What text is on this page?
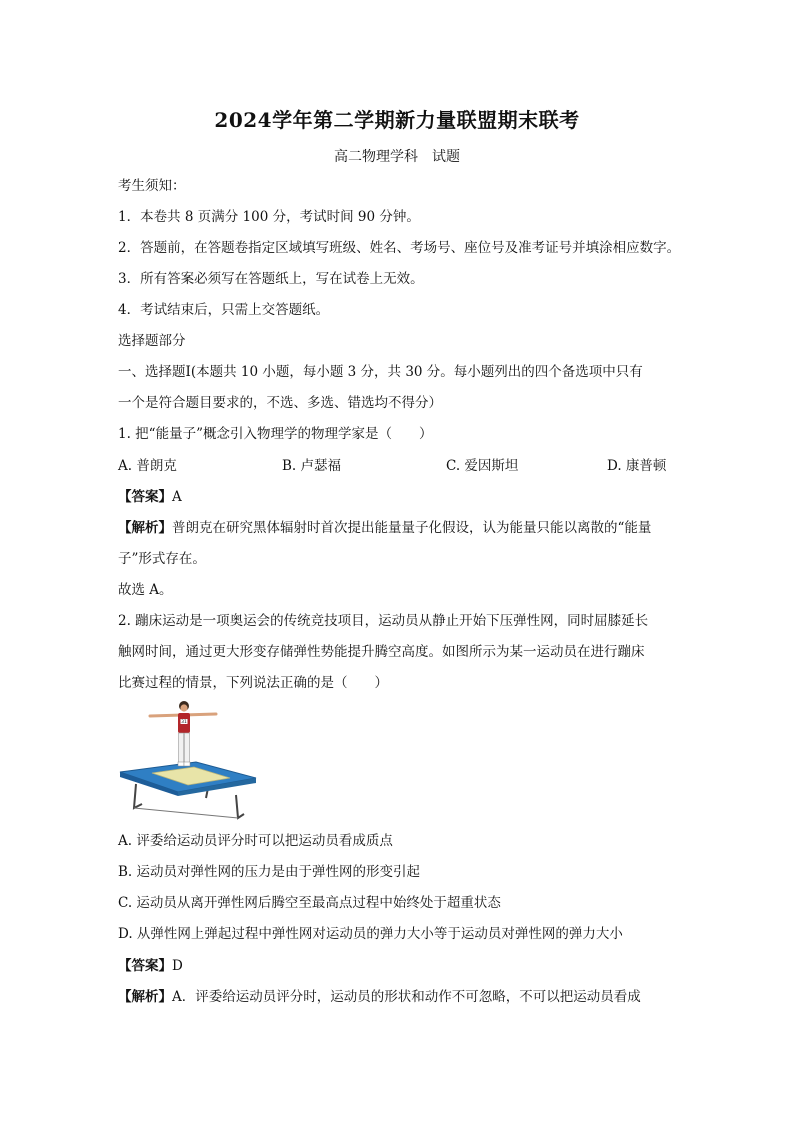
2024学年第二学期新力量联盟期末联考
高二物理学科　试题
考生须知：
1．本卷共 8 页满分 100 分，考试时间 90 分钟。
2．答题前，在答题卷指定区域填写班级、姓名、考场号、座位号及准考证号并填涂相应数字。
3．所有答案必须写在答题纸上，写在试卷上无效。
4．考试结束后，只需上交答题纸。
选择题部分
一、选择题Ⅰ(本题共 10 小题，每小题 3 分，共 30 分。每小题列出的四个备选项中只有
一个是符合题目要求的，不选、多选、错选均不得分）
1. 把“能量子”概念引入物理学的物理学家是（　　）
A. 普朗克	B. 卢瑟福	C. 爱因斯坦	D. 康普顿
【答案】A
【解析】普朗克在研究黑体辐射时首次提出能量量子化假设，认为能量只能以离散的“能量
子”形式存在。
故选 A。
2. 蹦床运动是一项奥运会的传统竞技项目，运动员从静止开始下压弹性网，同时屈膝延长
触网时间，通过更大形变存储弹性势能提升腾空高度。如图所示为某一运动员在进行蹦床
比赛过程的情景，下列说法正确的是（　　）
31
A. 评委给运动员评分时可以把运动员看成质点
B. 运动员对弹性网的压力是由于弹性网的形变引起
C. 运动员从离开弹性网后腾空至最高点过程中始终处于超重状态
D. 从弹性网上弹起过程中弹性网对运动员的弹力大小等于运动员对弹性网的弹力大小
【答案】D
【解析】A．评委给运动员评分时，运动员的形状和动作不可忽略，不可以把运动员看成
